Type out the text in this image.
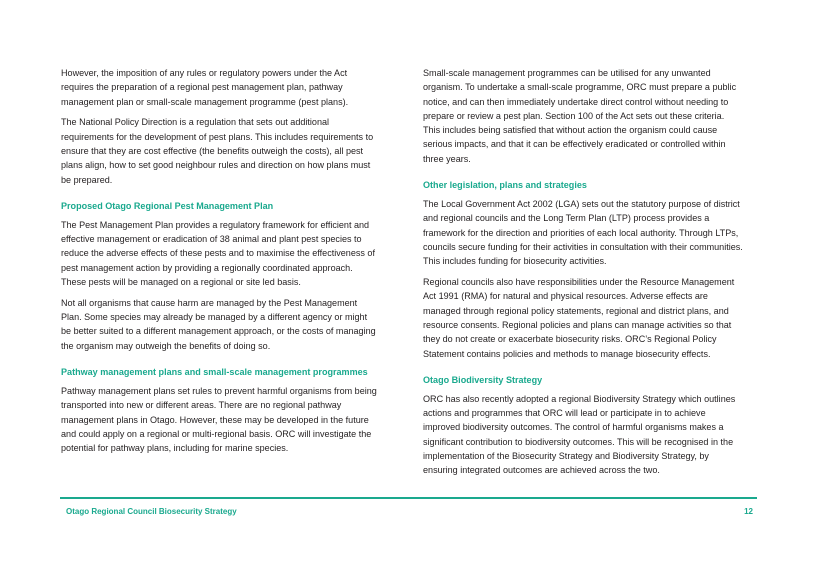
However, the imposition of any rules or regulatory powers under the Act requires the preparation of a regional pest management plan, pathway management plan or small-scale management programme (pest plans).

The National Policy Direction is a regulation that sets out additional requirements for the development of pest plans. This includes requirements to ensure that they are cost effective (the benefits outweigh the costs), all pest plans align, how to set good neighbour rules and direction on how plans must be prepared.

Proposed Otago Regional Pest Management Plan

The Pest Management Plan provides a regulatory framework for efficient and effective management or eradication of 38 animal and plant pest species to reduce the adverse effects of these pests and to maximise the effectiveness of pest management action by providing a regionally coordinated approach. These pests will be managed on a regional or site led basis.

Not all organisms that cause harm are managed by the Pest Management Plan. Some species may already be managed by a different agency or might be better suited to a different management approach, or the costs of managing the organism may outweigh the benefits of doing so.

Pathway management plans and small-scale management programmes

Pathway management plans set rules to prevent harmful organisms from being transported into new or different areas. There are no regional pathway management plans in Otago. However, these may be developed in the future and could apply on a regional or multi-regional basis. ORC will investigate the potential for pathway plans, including for marine species.

Small-scale management programmes can be utilised for any unwanted organism. To undertake a small-scale programme, ORC must prepare a public notice, and can then immediately undertake direct control without needing to prepare or review a pest plan. Section 100 of the Act sets out these criteria. This includes being satisfied that without action the organism could cause serious impacts, and that it can be effectively eradicated or controlled within three years.

Other legislation, plans and strategies

The Local Government Act 2002 (LGA) sets out the statutory purpose of district and regional councils and the Long Term Plan (LTP) process provides a framework for the direction and priorities of each local authority. Through LTPs, councils secure funding for their activities in consultation with their communities. This includes funding for biosecurity activities.

Regional councils also have responsibilities under the Resource Management Act 1991 (RMA) for natural and physical resources. Adverse effects are managed through regional policy statements, regional and district plans, and resource consents. Regional policies and plans can manage activities so that they do not create or exacerbate biosecurity risks. ORC’s Regional Policy Statement contains policies and methods to manage biosecurity effects.

Otago Biodiversity Strategy

ORC has also recently adopted a regional Biodiversity Strategy which outlines actions and programmes that ORC will lead or participate in to achieve improved biodiversity outcomes. The control of harmful organisms makes a significant contribution to biodiversity outcomes. This will be recognised in the implementation of the Biosecurity Strategy and Biodiversity Strategy, by ensuring integrated outcomes are achieved across the two.

Otago Regional Council Biosecurity Strategy	12
